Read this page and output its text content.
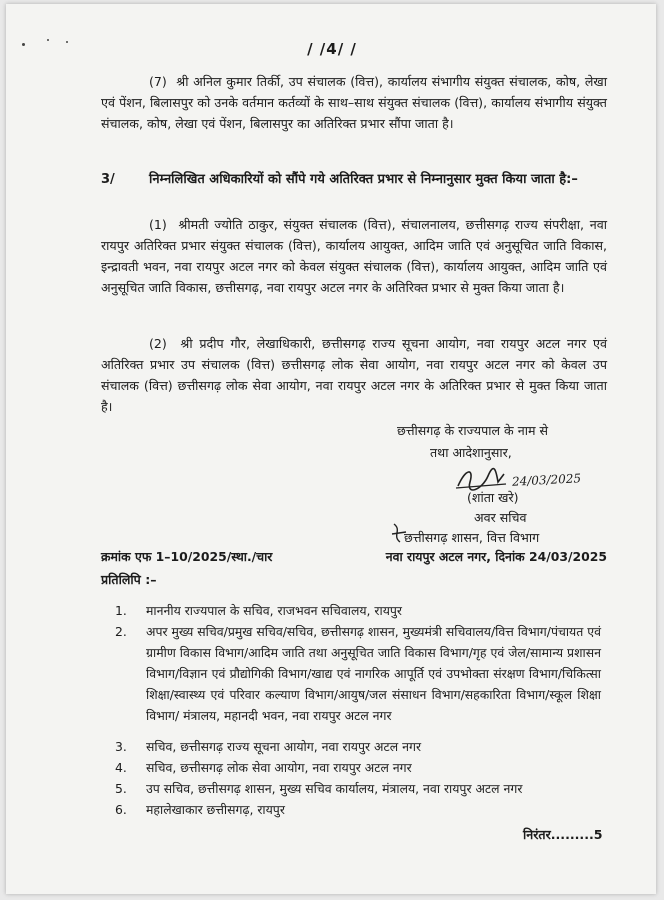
/ /4/ /
(7) श्री अनिल कुमार तिर्की, उप संचालक (वित्त), कार्यालय संभागीय संयुक्त संचालक, कोष, लेखा एवं पेंशन, बिलासपुर को उनके वर्तमान कर्तव्यों के साथ–साथ संयुक्त संचालक (वित्त), कार्यालय संभागीय संयुक्त संचालक, कोष, लेखा एवं पेंशन, बिलासपुर का अतिरिक्त प्रभार सौंपा जाता है।
3/	निम्नलिखित अधिकारियों को सौंपे गये अतिरिक्त प्रभार से निम्नानुसार मुक्त किया जाता है:–
(1) श्रीमती ज्योति ठाकुर, संयुक्त संचालक (वित्त), संचालनालय, छत्तीसगढ़ राज्य संपरीक्षा, नवा रायपुर अतिरिक्त प्रभार संयुक्त संचालक (वित्त), कार्यालय आयुक्त, आदिम जाति एवं अनुसूचित जाति विकास, इन्द्रावती भवन, नवा रायपुर अटल नगर को केवल संयुक्त संचालक (वित्त), कार्यालय आयुक्त, आदिम जाति एवं अनुसूचित जाति विकास, छत्तीसगढ़, नवा रायपुर अटल नगर के अतिरिक्त प्रभार से मुक्त किया जाता है।
(2) श्री प्रदीप गौर, लेखाधिकारी, छत्तीसगढ़ राज्य सूचना आयोग, नवा रायपुर अटल नगर एवं अतिरिक्त प्रभार उप संचालक (वित्त) छत्तीसगढ़ लोक सेवा आयोग, नवा रायपुर अटल नगर को केवल उप संचालक (वित्त) छत्तीसगढ़ लोक सेवा आयोग, नवा रायपुर अटल नगर के अतिरिक्त प्रभार से मुक्त किया जाता है।
छत्तीसगढ़ के राज्यपाल के नाम से
तथा आदेशानुसार,
24/03/2025
(शांता खरे)
अवर सचिव
छत्तीसगढ़ शासन, वित्त विभाग
क्रमांक एफ 1–10/2025/स्था./चार	नवा रायपुर अटल नगर, दिनांक 24/03/2025
प्रतिलिपि :–
1. माननीय राज्यपाल के सचिव, राजभवन सचिवालय, रायपुर
2. अपर मुख्य सचिव/प्रमुख सचिव/सचिव, छत्तीसगढ़ शासन, मुख्यमंत्री सचिवालय/वित्त विभाग/पंचायत एवं ग्रामीण विकास विभाग/आदिम जाति तथा अनुसूचित जाति विकास विभाग/गृह एवं जेल/सामान्य प्रशासन विभाग/विज्ञान एवं प्रौद्योगिकी विभाग/खाद्य एवं नागरिक आपूर्ति एवं उपभोक्ता संरक्षण विभाग/चिकित्सा शिक्षा/स्वास्थ्य एवं परिवार कल्याण विभाग/आयुष/जल संसाधन विभाग/सहकारिता विभाग/स्कूल शिक्षा विभाग/ मंत्रालय, महानदी भवन, नवा रायपुर अटल नगर
3. सचिव, छत्तीसगढ़ राज्य सूचना आयोग, नवा रायपुर अटल नगर
4. सचिव, छत्तीसगढ़ लोक सेवा आयोग, नवा रायपुर अटल नगर
5. उप सचिव, छत्तीसगढ़ शासन, मुख्य सचिव कार्यालय, मंत्रालय, नवा रायपुर अटल नगर
6. महालेखाकार छत्तीसगढ़, रायपुर
निरंतर.........5
